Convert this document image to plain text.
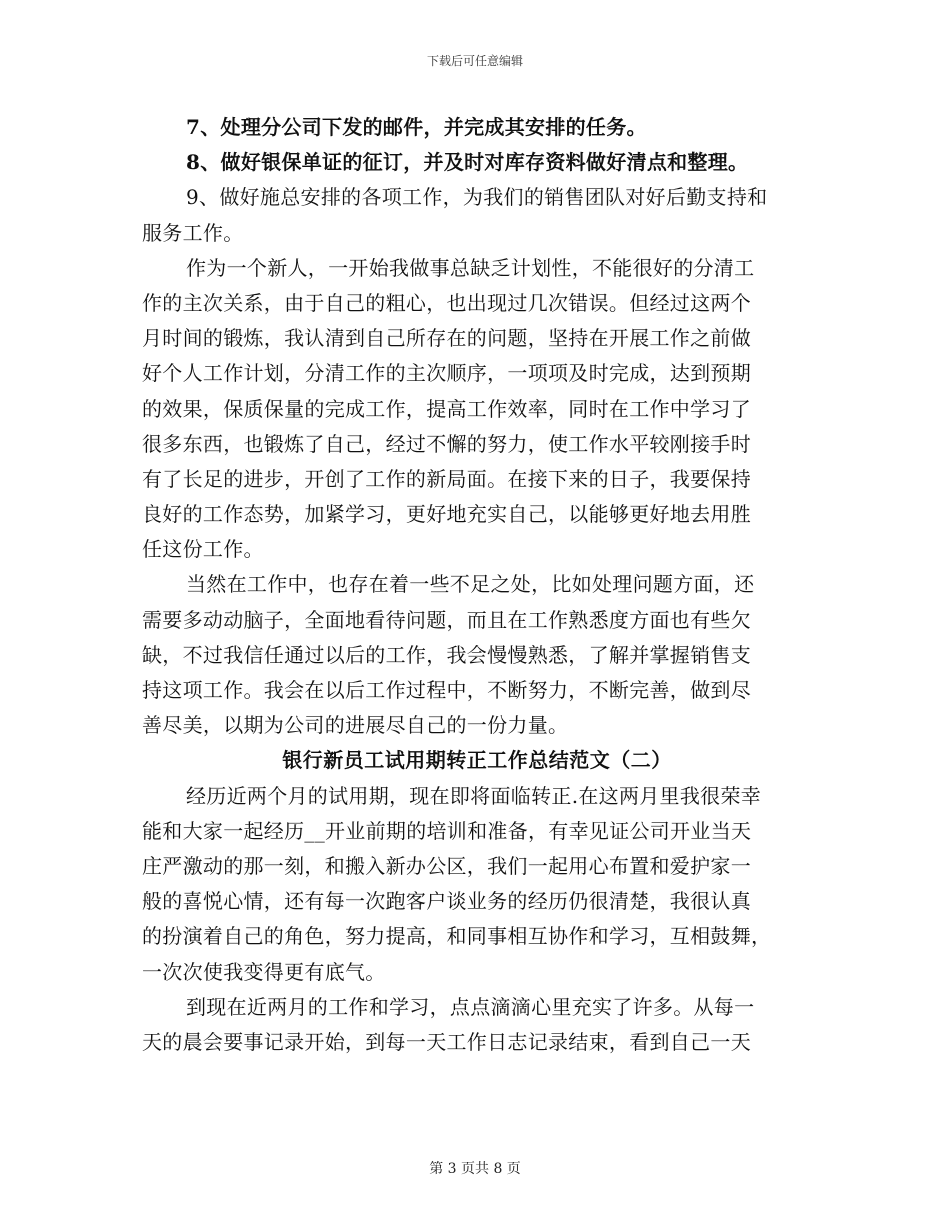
下载后可任意编辑
7、处理分公司下发的邮件，并完成其安排的任务。
8、做好银保单证的征订，并及时对库存资料做好清点和整理。
9、做好施总安排的各项工作，为我们的销售团队对好后勤支持和
服务工作。
作为一个新人，一开始我做事总缺乏计划性，不能很好的分清工
作的主次关系，由于自己的粗心，也出现过几次错误。但经过这两个
月时间的锻炼，我认清到自己所存在的问题，坚持在开展工作之前做
好个人工作计划，分清工作的主次顺序，一项项及时完成，达到预期
的效果，保质保量的完成工作，提高工作效率，同时在工作中学习了
很多东西，也锻炼了自己，经过不懈的努力，使工作水平较刚接手时
有了长足的进步，开创了工作的新局面。在接下来的日子，我要保持
良好的工作态势，加紧学习，更好地充实自己，以能够更好地去用胜
任这份工作。
当然在工作中，也存在着一些不足之处，比如处理问题方面，还
需要多动动脑子，全面地看待问题，而且在工作熟悉度方面也有些欠
缺，不过我信任通过以后的工作，我会慢慢熟悉，了解并掌握销售支
持这项工作。我会在以后工作过程中，不断努力，不断完善，做到尽
善尽美，以期为公司的进展尽自己的一份力量。
银行新员工试用期转正工作总结范文（二）
经历近两个月的试用期，现在即将面临转正.在这两月里我很荣幸
能和大家一起经历__开业前期的培训和准备，有幸见证公司开业当天
庄严激动的那一刻，和搬入新办公区，我们一起用心布置和爱护家一
般的喜悦心情，还有每一次跑客户谈业务的经历仍很清楚，我很认真
的扮演着自己的角色，努力提高，和同事相互协作和学习，互相鼓舞，
一次次使我变得更有底气。
到现在近两月的工作和学习，点点滴滴心里充实了许多。从每一
天的晨会要事记录开始，到每一天工作日志记录结束，看到自己一天
第 3 页共 8 页
